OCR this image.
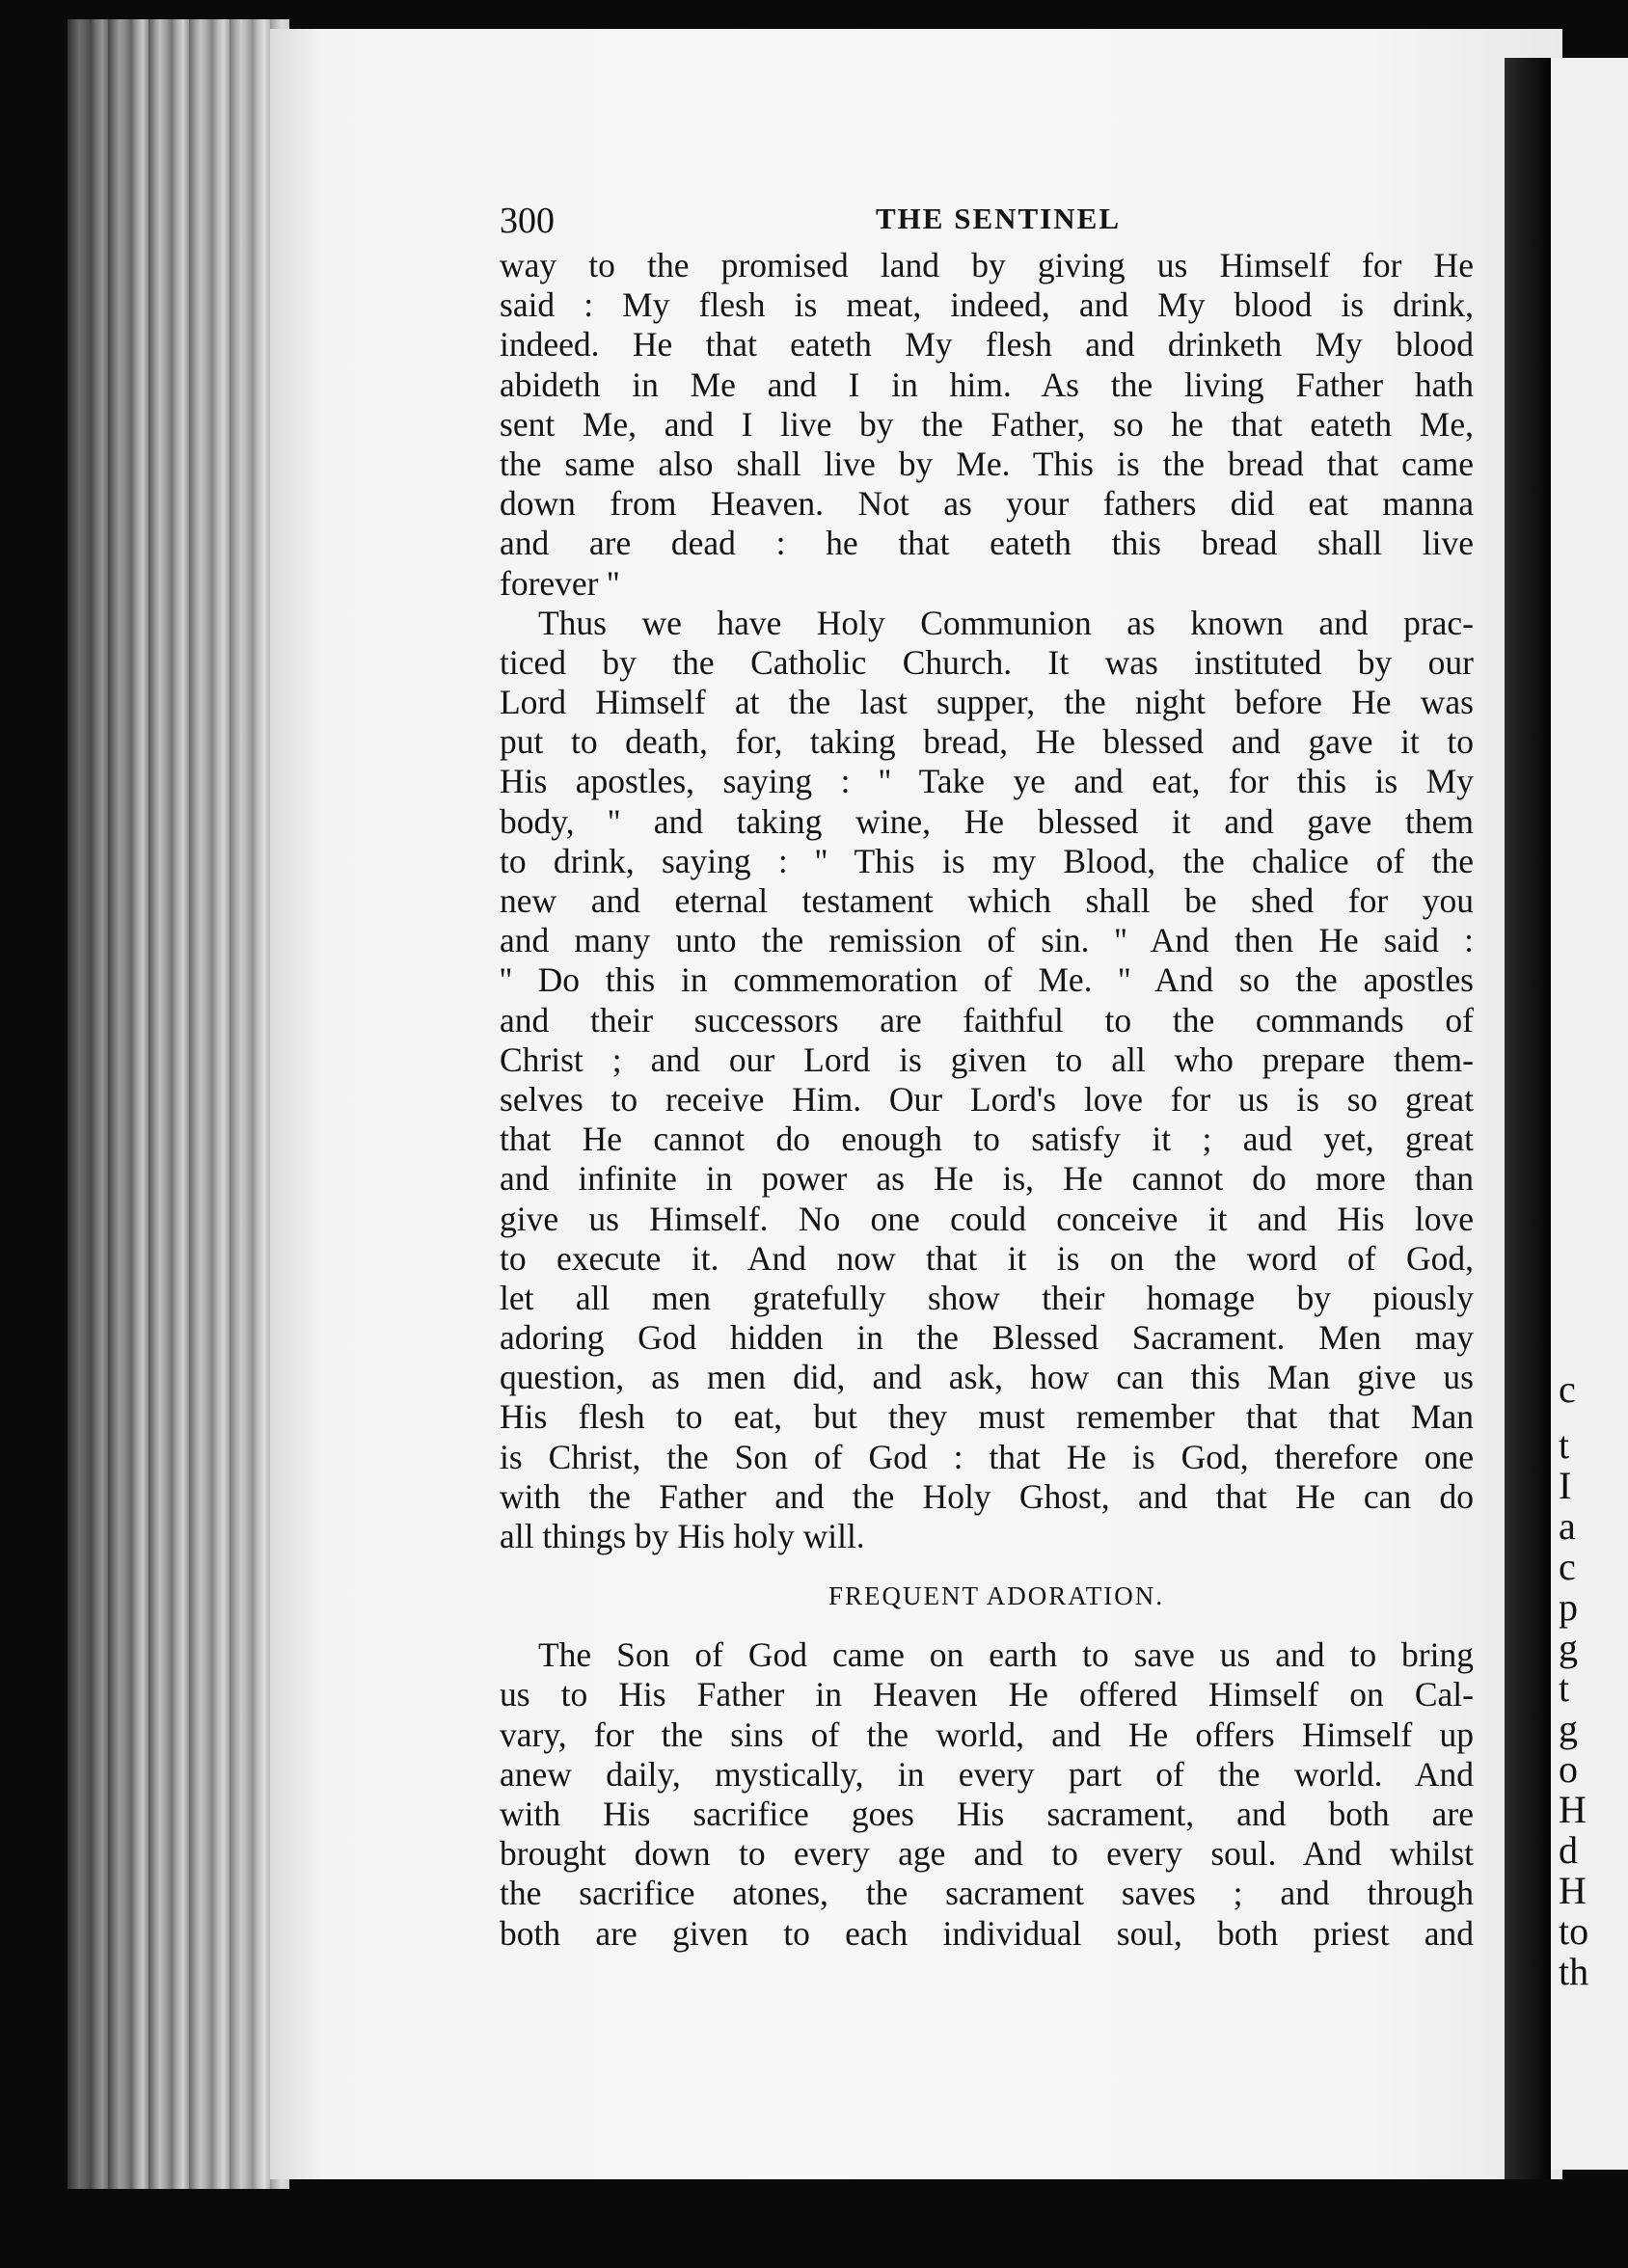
c
t
I
a
c
p
g
t
g
o
H
d
H
to
th
300	THE SENTINEL
way to the promised land by giving us Himself for He
said : My flesh is meat, indeed, and My blood is drink,
indeed. He that eateth My flesh and drinketh My blood
abideth in Me and I in him. As the living Father hath
sent Me, and I live by the Father, so he that eateth Me,
the same also shall live by Me. This is the bread that came
down from Heaven. Not as your fathers did eat manna
and are dead : he that eateth this bread shall live
forever ''
Thus we have Holy Communion as known and prac-
ticed by the Catholic Church. It was instituted by our
Lord Himself at the last supper, the night before He was
put to death, for, taking bread, He blessed and gave it to
His apostles, saying : '' Take ye and eat, for this is My
body, '' and taking wine, He blessed it and gave them
to drink, saying : '' This is my Blood, the chalice of the
new and eternal testament which shall be shed for you
and many unto the remission of sin. '' And then He said :
'' Do this in commemoration of Me. '' And so the apostles
and their successors are faithful to the commands of
Christ ; and our Lord is given to all who prepare them-
selves to receive Him. Our Lord's love for us is so great
that He cannot do enough to satisfy it ; aud yet, great
and infinite in power as He is, He cannot do more than
give us Himself. No one could conceive it and His love
to execute it. And now that it is on the word of God,
let all men gratefully show their homage by piously
adoring God hidden in the Blessed Sacrament. Men may
question, as men did, and ask, how can this Man give us
His flesh to eat, but they must remember that that Man
is Christ, the Son of God : that He is God, therefore one
with the Father and the Holy Ghost, and that He can do
all things by His holy will.
FREQUENT ADORATION.
The Son of God came on earth to save us and to bring
us to His Father in Heaven He offered Himself on Cal-
vary, for the sins of the world, and He offers Himself up
anew daily, mystically, in every part of the world. And
with His sacrifice goes His sacrament, and both are
brought down to every age and to every soul. And whilst
the sacrifice atones, the sacrament saves ; and through
both are given to each individual soul, both priest and
